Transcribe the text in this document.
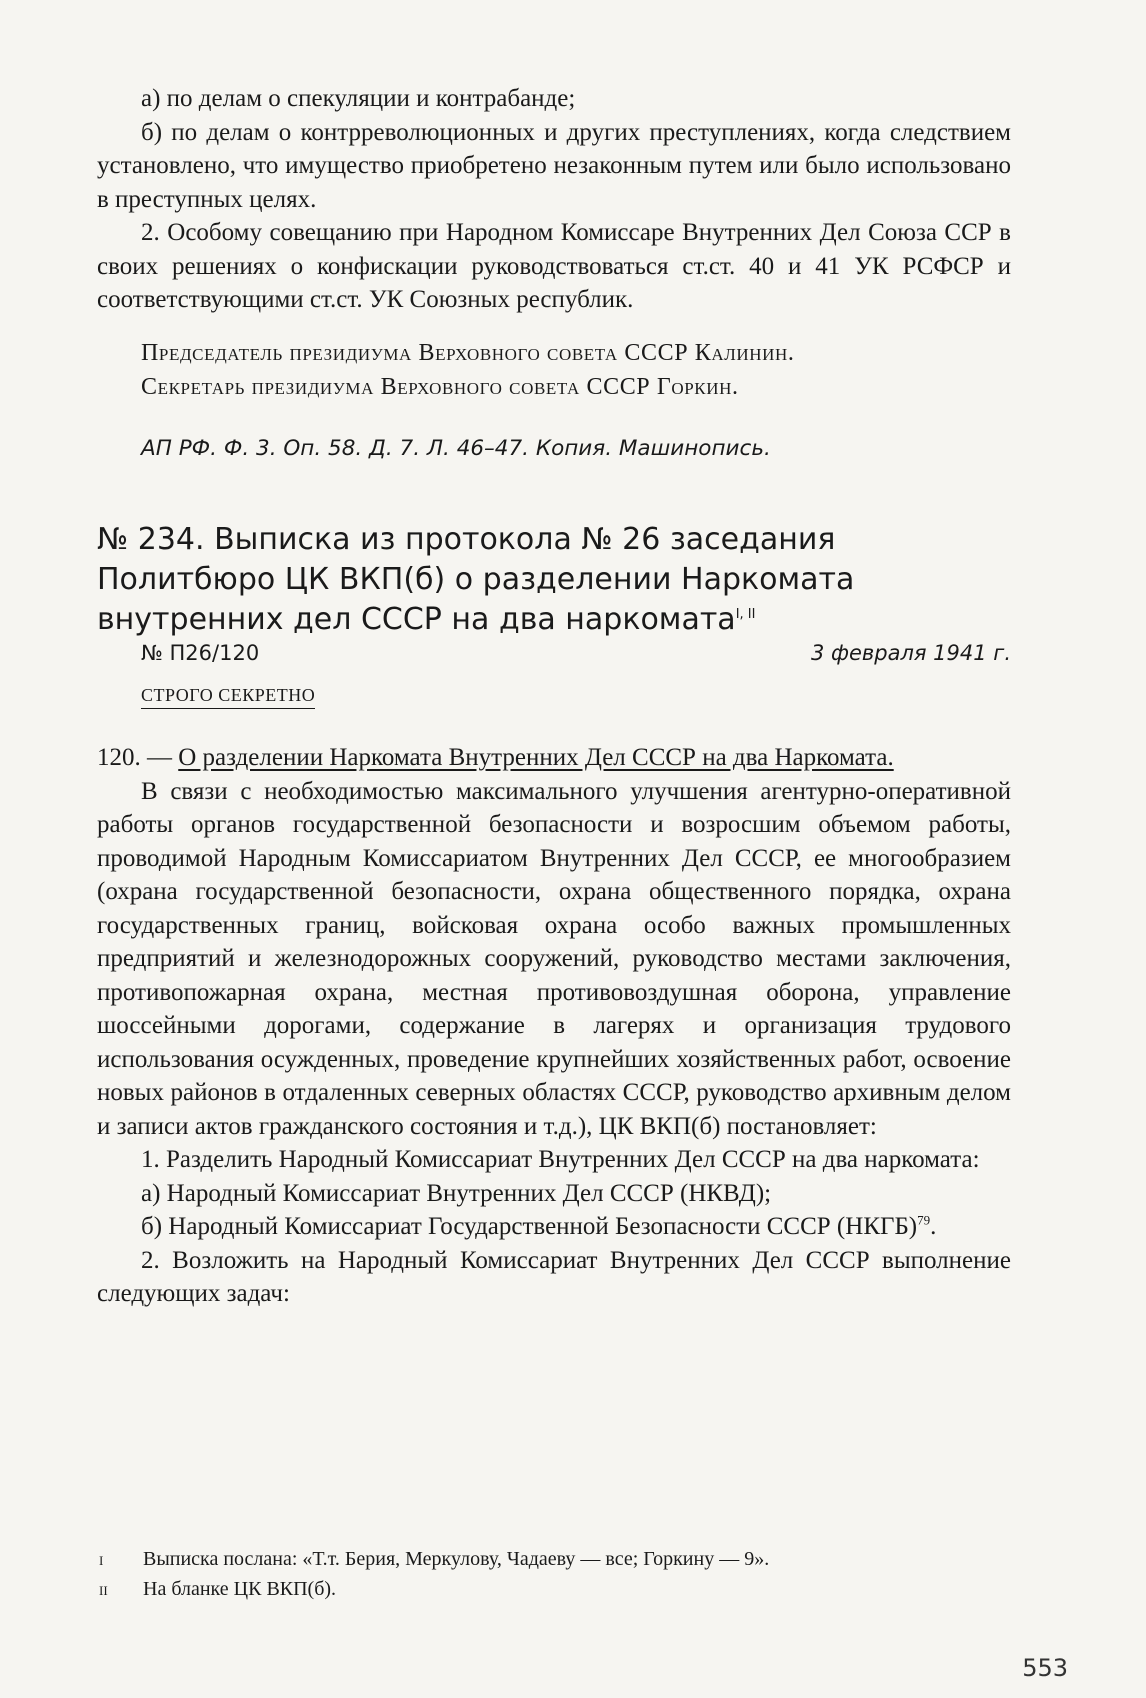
а) по делам о спекуляции и контрабанде;

б) по делам о контрреволюционных и других преступлениях, когда следствием установлено, что имущество приобретено незаконным путем или было использовано в преступных целях.

2. Особому совещанию при Народном Комиссаре Внутренних Дел Союза ССР в своих решениях о конфискации руководствоваться ст.ст. 40 и 41 УК РСФСР и соответствующими ст.ст. УК Союзных республик.

Председатель президиума Верховного совета СССР Калинин.

Секретарь президиума Верховного совета СССР Горкин.

АП РФ. Ф. 3. Оп. 58. Д. 7. Л. 46–47. Копия. Машинопись.

№ 234. Выписка из протокола № 26 заседания Политбюро ЦК ВКП(б) о разделении Наркомата внутренних дел СССР на два наркомата$^{I, II}$
№ П26/120	3 февраля 1941 г.
СТРОГО СЕКРЕТНО

120. — О разделении Наркомата Внутренних Дел СССР на два Наркомата.

В связи с необходимостью максимального улучшения агентурно-оперативной работы органов государственной безопасности и возросшим объемом работы, проводимой Народным Комиссариатом Внутренних Дел СССР, ее многообразием (охрана государственной безопасности, охрана общественного порядка, охрана государственных границ, войсковая охрана особо важных промышленных предприятий и железнодорожных сооружений, руководство местами заключения, противопожарная охрана, местная противовоздушная оборона, управление шоссейными дорогами, содержание в лагерях и организация трудового использования осужденных, проведение крупнейших хозяйственных работ, освоение новых районов в отдаленных северных областях СССР, руководство архивным делом и записи актов гражданского состояния и т.д.), ЦК ВКП(б) постановляет:

1. Разделить Народный Комиссариат Внутренних Дел СССР на два наркомата:

а) Народный Комиссариат Внутренних Дел СССР (НКВД);

б) Народный Комиссариат Государственной Безопасности СССР (НКГБ)$^{79}$.

2. Возложить на Народный Комиссариат Внутренних Дел СССР выполнение следующих задач:

I	Выписка послана: «Т.т. Берия, Меркулову, Чадаеву — все; Горкину — 9».
II	На бланке ЦК ВКП(б).
553
